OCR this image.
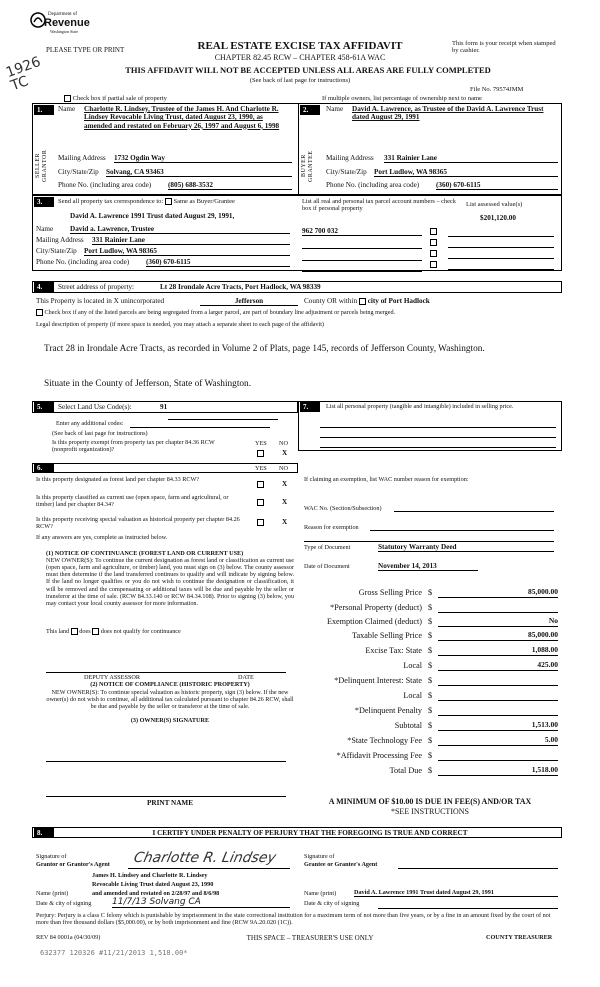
Department of
Revenue
Washington State
1926 TC
PLEASE TYPE OR PRINT	REAL ESTATE EXCISE TAX AFFIDAVIT
CHAPTER 82.45 RCW – CHAPTER 458-61A WAC
This form is your receipt when stamped by cashier.
THIS AFFIDAVIT WILL NOT BE ACCEPTED UNLESS ALL AREAS ARE FULLY COMPLETED
(See back of last page for instructions)
File No. 79574JMM
Check box if partial sale of property	If multiple owners, list percentage of ownership next to name
1.
SELLER GRANTOR
Name Charlotte R. Lindsey, Trustee of the James H. And Charlotte R. Lindsey Revocable Living Trust, dated August 23, 1990, as amended and restated on February 26, 1997 and August 6, 1998
Mailing Address 1732 Ogdin Way
City/State/Zip Solvang, CA 93463
Phone No. (including area code) (805) 688-3532
2.
BUYER GRANTEE
Name David A. Lawrence, as Trustee of the David A. Lawrence Trust dated August 29, 1991
Mailing Address 331 Rainier Lane
City/State/Zip Port Ludlow, WA 98365
Phone No. (including area code) (360) 670-6115
3.	Send all property tax correspondence to: Same as Buyer/Grantee
David A. Lawrence 1991 Trust dated August 29, 1991,
Name David a. Lawrence, Trustee
Mailing Address 331 Rainier Lane
City/State/Zip Port Ludlow, WA 98365
Phone No. (including area code) (360) 670-6115
List all real and personal tax parcel account numbers – check box if personal property
List assessed value(s)
$201,120.00
962 700 032
4.	Street address of property:	Lt 28 Irondale Acre Tracts, Port Hadlock, WA 98339
This Property is located in X unincorporated	Jefferson	County OR within city of Port Hadlock
Check box if any of the listed parcels are being segregated from a larger parcel, are part of boundary line adjustment or parcels being merged.
Legal description of property (if more space is needed, you may attach a separate sheet to each page of the affidavit)
Tract 28 in Irondale Acre Tracts, as recorded in Volume 2 of Plats, page 145, records of Jefferson County, Washington.
Situate in the County of Jefferson, State of Washington.
5.	Select Land Use Code(s):	91
Enter any additional codes:
(See back of last page for instructions)
Is this property exempt from property tax per chapter 84.36 RCW (nonprofit organization)?
YES NO
X
6.	YES NO
Is this property designated as forest land per chapter 84.33 RCW?
X
Is this property classified as current use (open space, farm and agricultural, or timber) land per chapter 84.34?	X
Is this property receiving special valuation as historical property per chapter 84.26 RCW?
X
If any answers are yes, complete as instructed below.
(1) NOTICE OF CONTINUANCE (FOREST LAND OR CURRENT USE)
NEW OWNER(S): To continue the current designation as forest land or classification as current use (open space, farm and agriculture, or timber) land, you must sign on (3) below. The county assessor must then determine if the land transferred continues to qualify and will indicate by signing below. If the land no longer qualifies or you do not wish to continue the designation or classification, it will be removed and the compensating or additional taxes will be due and payable by the seller or transferor at the time of sale. (RCW 84.33.140 or RCW 84.34.108). Prior to signing (3) below, you may contact your local county assessor for more information.
This land does does not qualify for continuance
DEPUTY ASSESSOR	DATE
(2) NOTICE OF COMPLIANCE (HISTORIC PROPERTY)
NEW OWNER(S): To continue special valuation as historic property, sign (3) below. If the new owner(s) do not wish to continue, all additional tax calculated pursuant to chapter 84.26 RCW, shall be due and payable by the seller or transferor at the time of sale.
(3) OWNER(S) SIGNATURE
PRINT NAME
7.	List all personal property (tangible and intangible) included in selling price.
If claiming an exemption, list WAC number reason for exemption:
WAC No. (Section/Subsection)
Reason for exemption
Type of Document	Statutory Warranty Deed
Date of Document	November 14, 2013
Gross Selling Price $	85,000.00
*Personal Property (deduct) $
Exemption Claimed (deduct) $	No
Taxable Selling Price $	85,000.00
Excise Tax: State $	1,088.00
Local $	425.00
*Delinquent Interest: State $
Local $
*Delinquent Penalty $
Subtotal $	1,513.00
*State Technology Fee $	5.00
*Affidavit Processing Fee $
Total Due $	1,518.00
A MINIMUM OF $10.00 IS DUE IN FEE(S) AND/OR TAX
*SEE INSTRUCTIONS
8.	I CERTIFY UNDER PENALTY OF PERJURY THAT THE FOREGOING IS TRUE AND CORRECT
Signature of
Grantor or Grantor's Agent Charlotte R. Lindsey
James H. Lindsey and Charlotte R. Lindsey
Revocable Living Trust dated August 23, 1990
Name (print)	and amended and restated on 2/28/97 and 8/6/98
Date & city of signing 11/7/13 Solvang CA
Signature of
Grantee or Grantee's Agent
Name (print)	David A. Lawrence 1991 Trust dated August 29, 1991
Date & city of signing
Perjury: Perjury is a class C felony which is punishable by imprisonment in the state correctional institution for a maximum term of not more than five years, or by a fine in an amount fixed by the court of not more than five thousand dollars ($5,000.00), or by both imprisonment and fine (RCW 9A.20.020 (1C)).
REV 84 0001a (04/30/09)	THIS SPACE – TREASURER'S USE ONLY	COUNTY TREASURER
632377 120326 #11/21/2013 1,518.00*
